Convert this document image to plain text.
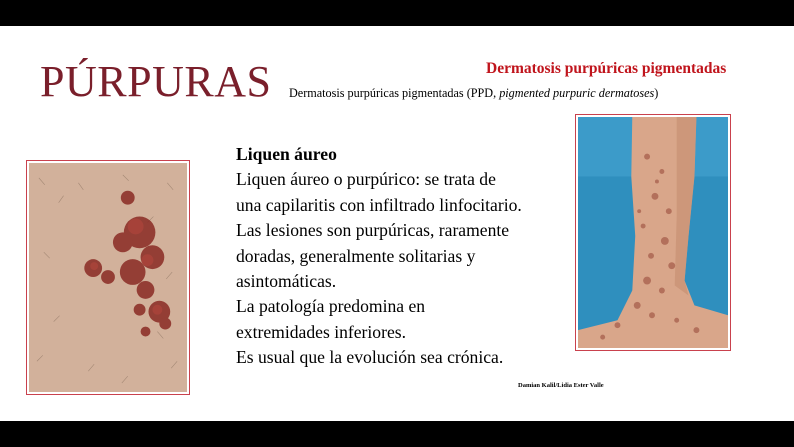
PÚRPURAS	Dermatosis purpúricas pigmentadas
Dermatosis purpúricas pigmentadas (PPD, pigmented purpuric dermatoses)
Liquen áureo
Liquen áureo o purpúrico: se trata de
una capilaritis con infiltrado linfocitario.
Las lesiones son purpúricas, raramente
doradas, generalmente solitarias y
asintomáticas.
La patología predomina en
extremidades inferiores.
Es usual que la evolución sea crónica.
Damian Kalil/Lidia Ester Valle
